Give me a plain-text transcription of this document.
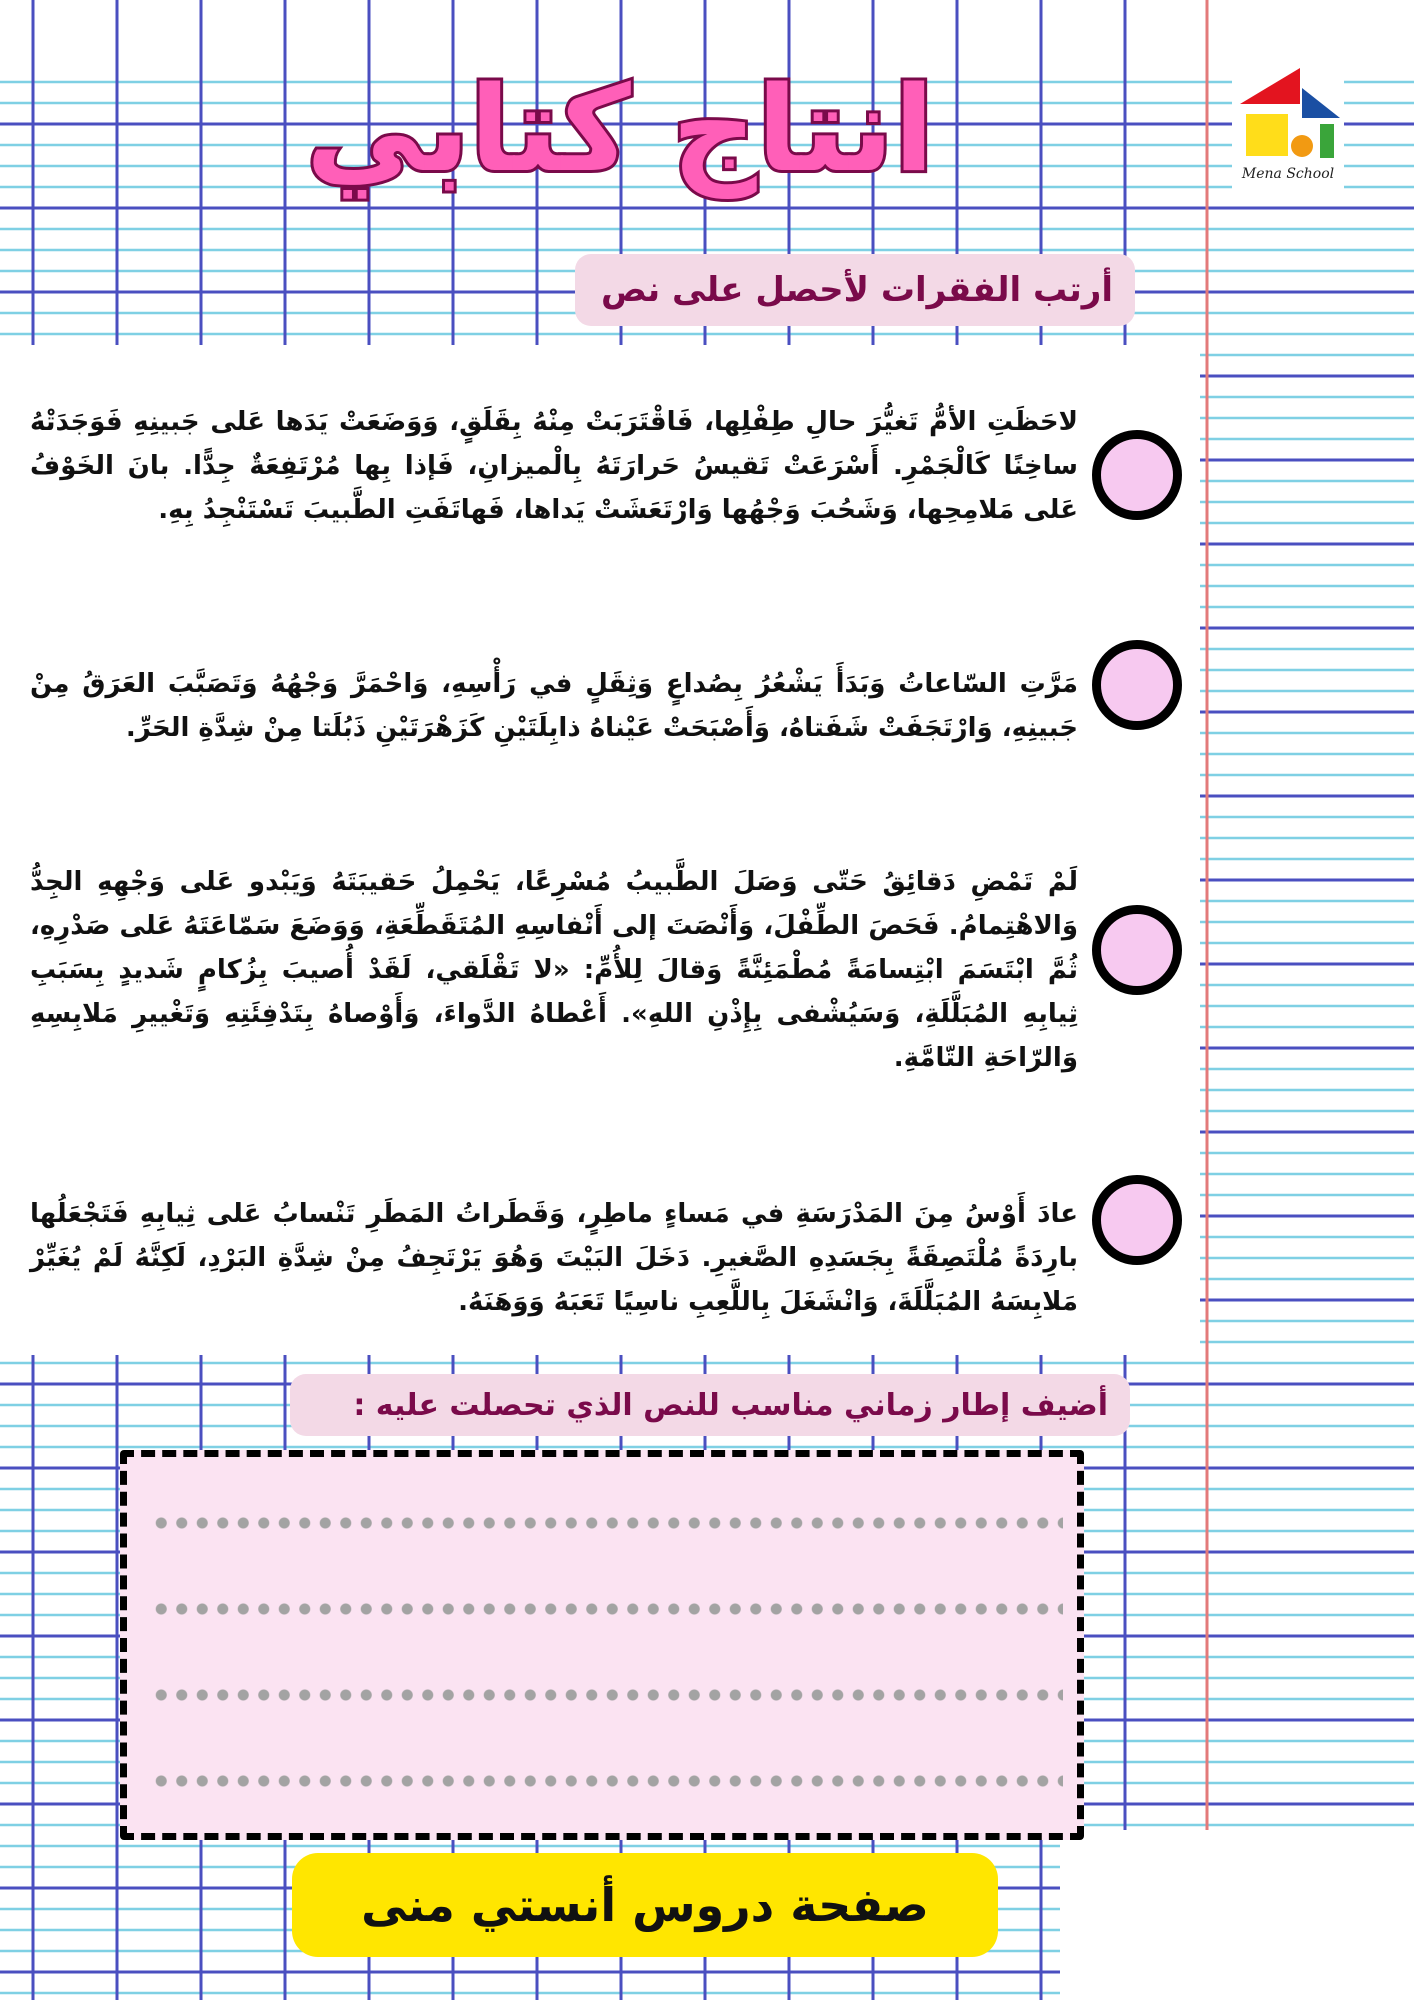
انتاج كتابي	Mena School
أرتب الفقرات لأحصل على نص

لاحَظَتِ الأمُّ تَغيُّرَ حالِ طِفْلِها، فَاقْتَرَبَتْ مِنْهُ بِقَلَقٍ، وَوَضَعَتْ يَدَها عَلى جَبينِهِ فَوَجَدَتْهُ ساخِنًا كَالْجَمْرِ. أَسْرَعَتْ تَقيسُ حَرارَتَهُ بِالْميزانِ، فَإذا بِها مُرْتَفِعَةٌ جِدًّا. بانَ الخَوْفُ عَلى مَلامِحِها، وَشَحُبَ وَجْهُها وَارْتَعَشَتْ يَداها، فَهاتَفَتِ الطَّبيبَ تَسْتَنْجِدُ بِهِ.

مَرَّتِ السّاعاتُ وَبَدَأَ يَشْعُرُ بِصُداعٍ وَثِقَلٍ في رَأْسِهِ، وَاحْمَرَّ وَجْهُهُ وَتَصَبَّبَ العَرَقُ مِنْ جَبينِهِ، وَارْتَجَفَتْ شَفَتاهُ، وَأَصْبَحَتْ عَيْناهُ ذابِلَتَيْنِ كَزَهْرَتَيْنِ ذَبُلَتا مِنْ شِدَّةِ الحَرِّ.

لَمْ تَمْضِ دَقائِقُ حَتّى وَصَلَ الطَّبيبُ مُسْرِعًا، يَحْمِلُ حَقيبَتَهُ وَيَبْدو عَلى وَجْهِهِ الجِدُّ وَالاهْتِمامُ. فَحَصَ الطِّفْلَ، وَأَنْصَتَ إلى أَنْفاسِهِ المُتَقَطِّعَةِ، وَوَضَعَ سَمّاعَتَهُ عَلى صَدْرِهِ، ثُمَّ ابْتَسَمَ ابْتِسامَةً مُطْمَئِنَّةً وَقالَ لِلأُمِّ: «لا تَقْلَقي، لَقَدْ أُصيبَ بِزُكامٍ شَديدٍ بِسَبَبِ ثِيابِهِ المُبَلَّلَةِ، وَسَيُشْفى بِإِذْنِ اللهِ». أَعْطاهُ الدَّواءَ، وَأَوْصاهُ بِتَدْفِئَتِهِ وَتَغْييرِ مَلابِسِهِ وَالرّاحَةِ التّامَّةِ.

عادَ أَوْسُ مِنَ المَدْرَسَةِ في مَساءٍ ماطِرٍ، وَقَطَراتُ المَطَرِ تَنْسابُ عَلى ثِيابِهِ فَتَجْعَلُها بارِدَةً مُلْتَصِقَةً بِجَسَدِهِ الصَّغيرِ. دَخَلَ البَيْتَ وَهُوَ يَرْتَجِفُ مِنْ شِدَّةِ البَرْدِ، لَكِنَّهُ لَمْ يُغَيِّرْ مَلابِسَهُ المُبَلَّلَةَ، وَانْشَغَلَ بِاللَّعِبِ ناسِيًا تَعَبَهُ وَوَهَنَهُ.

أضيف إطار زماني مناسب للنص الذي تحصلت عليه :
صفحة دروس أنستي منى
